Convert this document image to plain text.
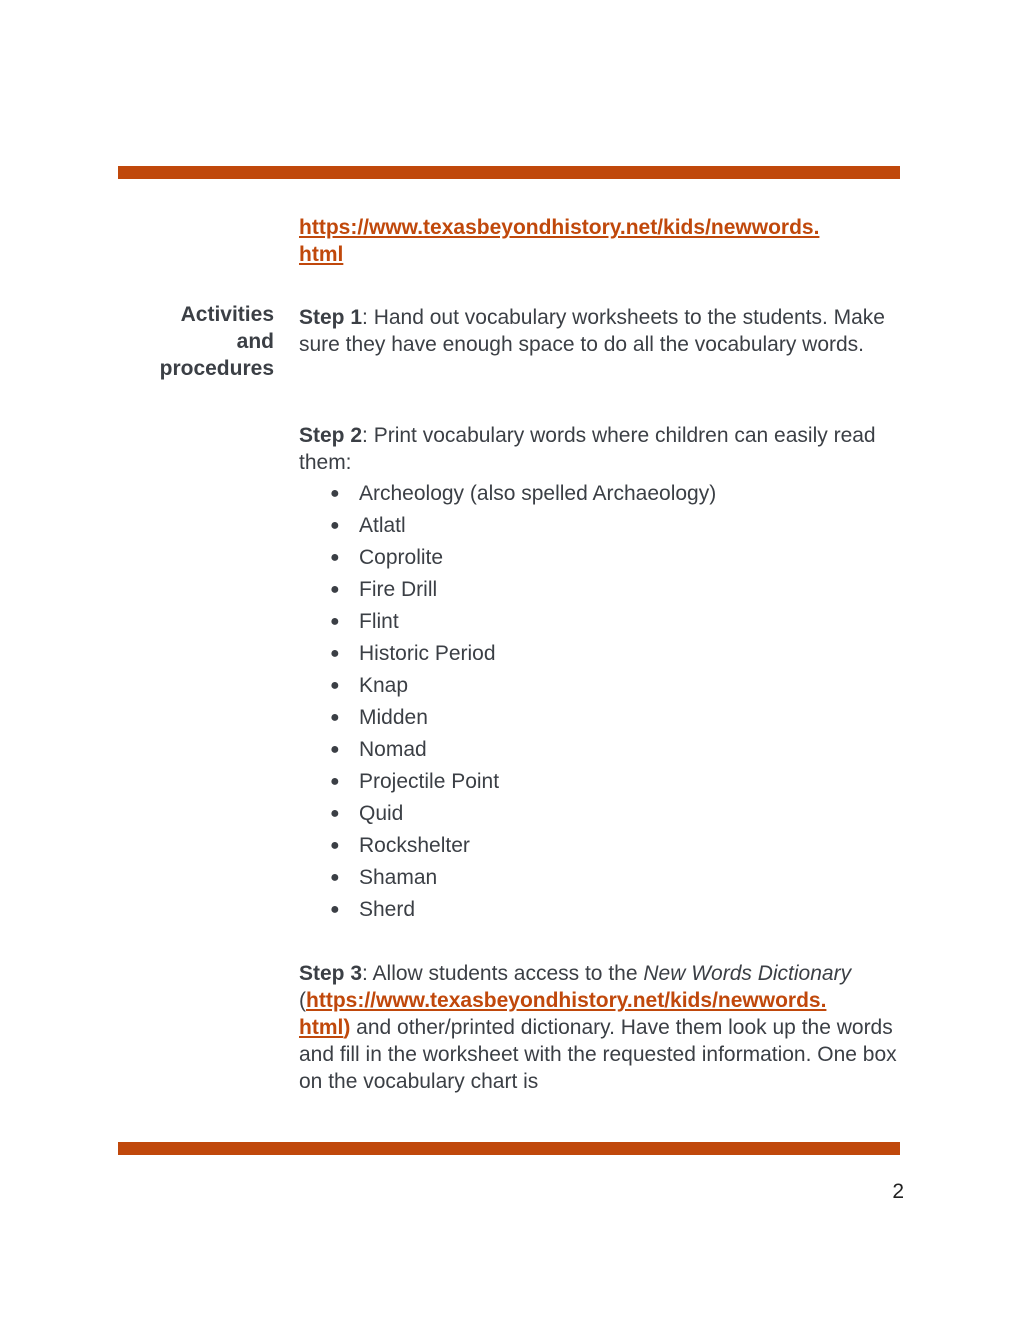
https://www.texasbeyondhistory.net/kids/newwords.
html
Activities
and
procedures

Step 1: Hand out vocabulary worksheets to the students. Make sure they have enough space to do all the vocabulary words.

Step 2: Print vocabulary words where children can easily read them:

● Archeology (also spelled Archaeology)
● Atlatl
● Coprolite
● Fire Drill
● Flint
● Historic Period
● Knap
● Midden
● Nomad
● Projectile Point
● Quid
● Rockshelter
● Shaman
● Sherd

Step 3: Allow students access to the New Words Dictionary
(https://www.texasbeyondhistory.net/kids/newwords.
html) and other/printed dictionary. Have them look up the words and fill in the worksheet with the requested information. One box on the vocabulary chart is

2
